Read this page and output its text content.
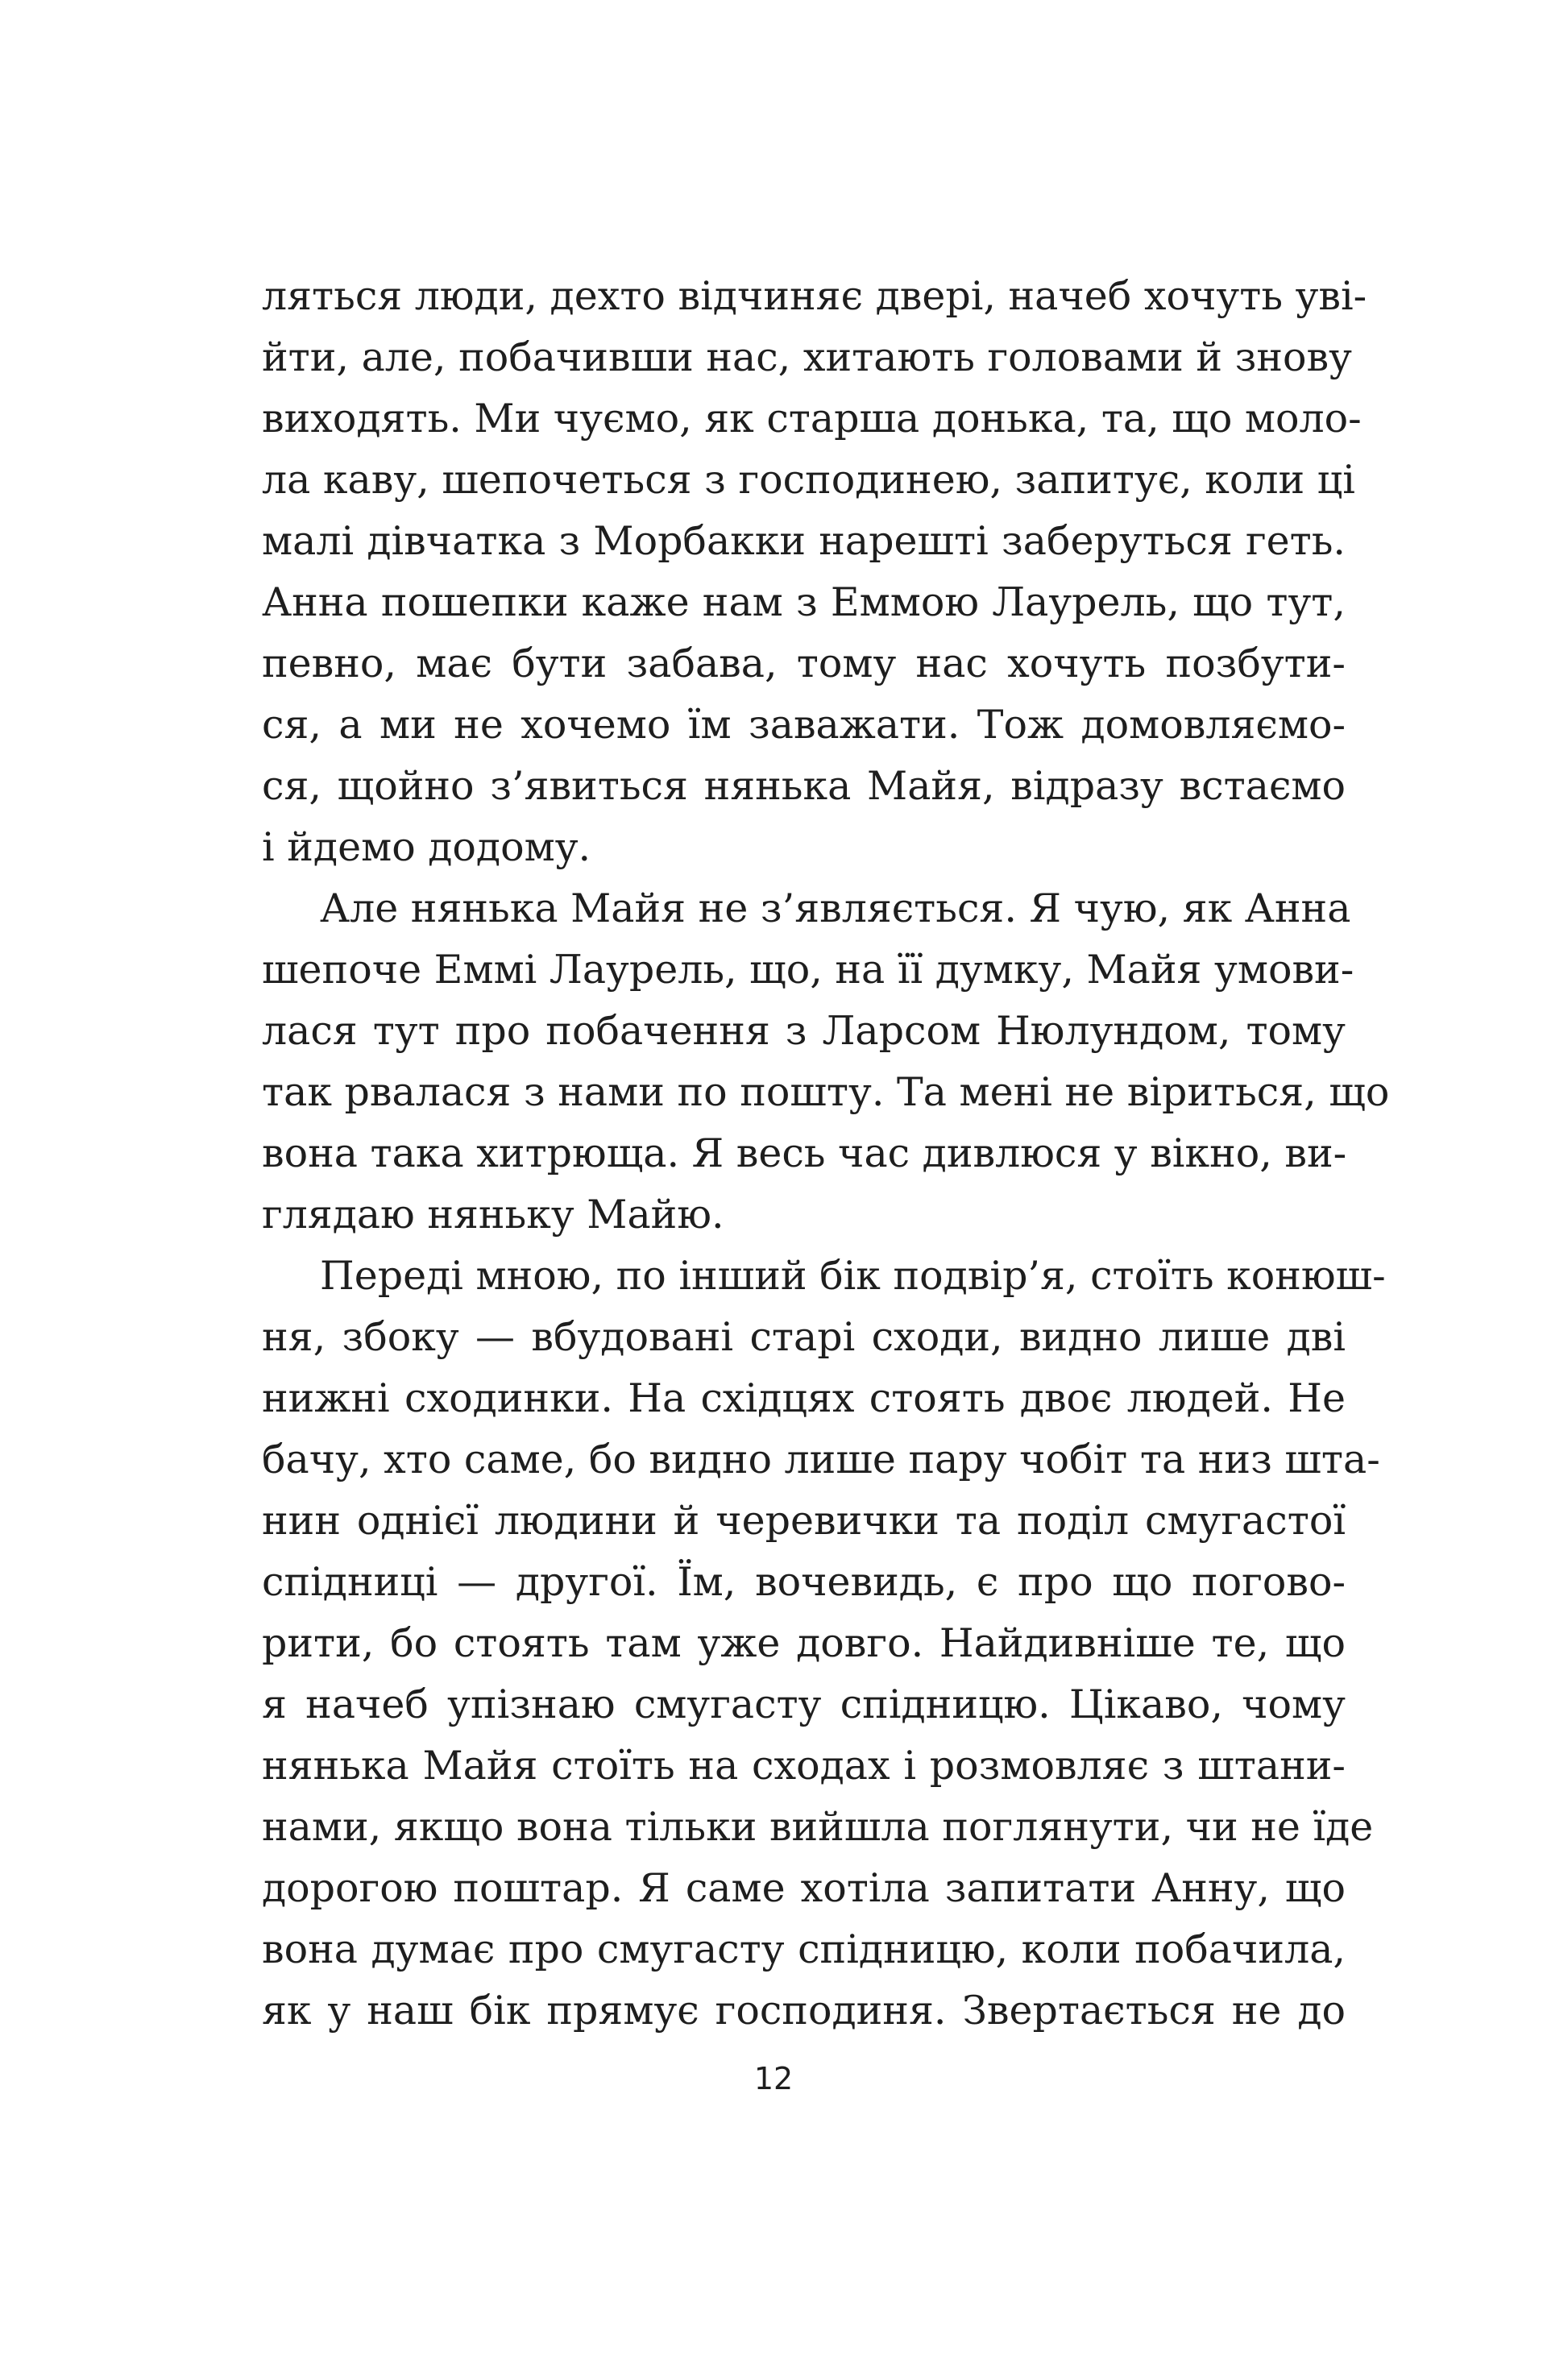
ляться люди, дехто відчиняє двері, начеб хочуть уві-
йти, але, побачивши нас, хитають головами й знову
виходять. Ми чуємо, як старша донька, та, що моло-
ла каву, шепочеться з господинею, запитує, коли ці
малі дівчатка з Морбакки нарешті заберуться геть.
Анна пошепки каже нам з Еммою Лаурель, що тут,
певно, має бути забава, тому нас хочуть позбути-
ся, а ми не хочемо їм заважати. Тож домовляємо-
ся, щойно з’явиться нянька Майя, відразу встаємо
і йдемо додому.
Але нянька Майя не з’являється. Я чую, як Анна
шепоче Еммі Лаурель, що, на її думку, Майя умови-
лася тут про побачення з Ларсом Нюлундом, тому
так рвалася з нами по пошту. Та мені не віриться, що
вона така хитрюща. Я весь час дивлюся у вікно, ви-
глядаю няньку Майю.
Переді мною, по інший бік подвір’я, стоїть конюш-
ня, збоку — вбудовані старі сходи, видно лише дві
нижні сходинки. На східцях стоять двоє людей. Не
бачу, хто саме, бо видно лише пару чобіт та низ шта-
нин однієї людини й черевички та поділ смугастої
спідниці — другої. Їм, вочевидь, є про що погово-
рити, бо стоять там уже довго. Найдивніше те, що
я начеб упізнаю смугасту спідницю. Цікаво, чому
нянька Майя стоїть на сходах і розмовляє з штани-
нами, якщо вона тільки вийшла поглянути, чи не їде
дорогою поштар. Я саме хотіла запитати Анну, що
вона думає про смугасту спідницю, коли побачила,
як у наш бік прямує господиня. Звертається не до
12
